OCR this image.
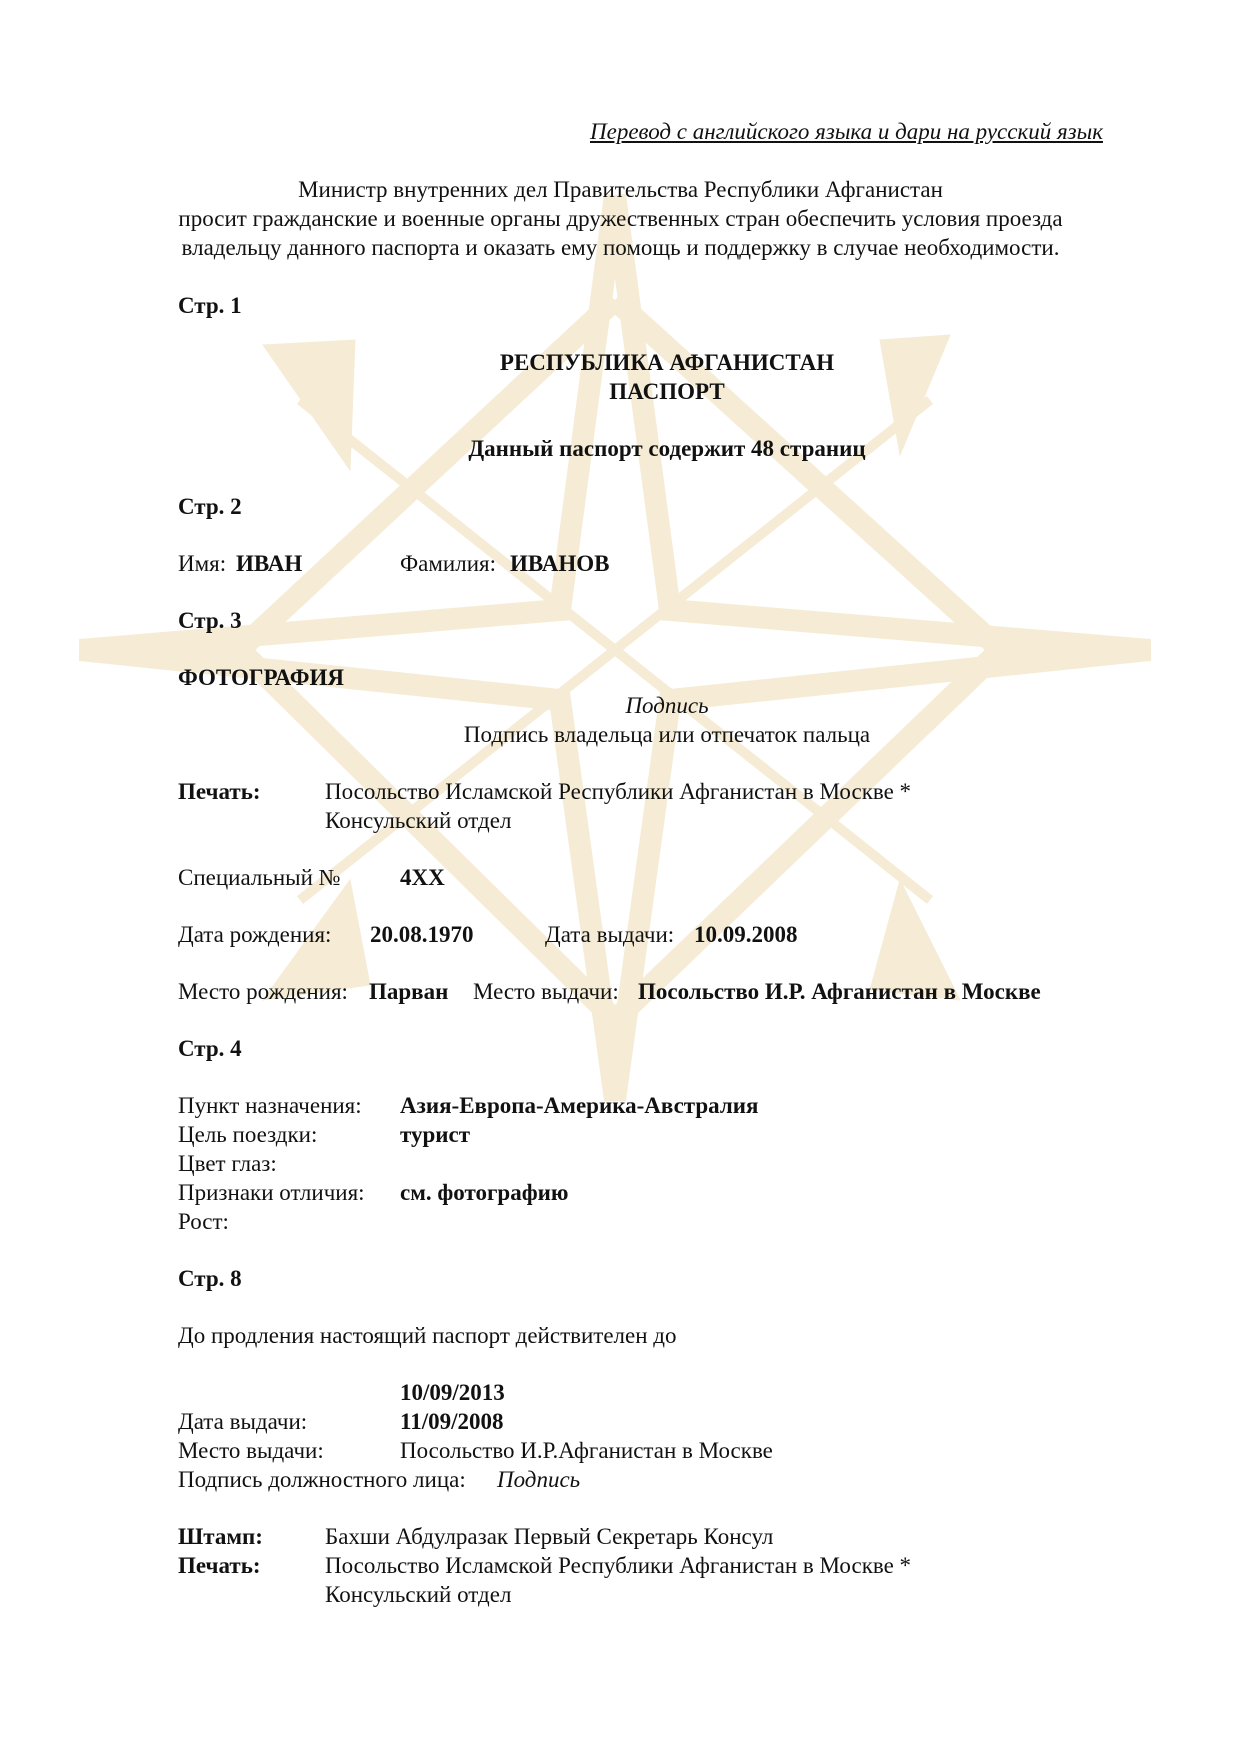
Перевод с английского языка и дари на русский язык
Министр внутренних дел Правительства Республики Афганистан
просит гражданские и военные органы дружественных стран обеспечить условия проезда
владельцу данного паспорта и оказать ему помощь и поддержку в случае необходимости.
Стр. 1
РЕСПУБЛИКА АФГАНИСТАН
ПАСПОРТ
Данный паспорт содержит 48 страниц
Стр. 2
Имя: ИВАН	Фамилия: ИВАНОВ
Стр. 3
ФОТОГРАФИЯ
Подпись
Подпись владельца или отпечаток пальца
Печать:	Посольство Исламской Республики Афганистан в Москве *
Консульский отдел
Специальный №	4XX
Дата рождения: 20.08.1970	Дата выдачи: 10.09.2008
Место рождения: Парван Место выдачи: Посольство И.Р. Афганистан в Москве
Стр. 4
Пункт назначения: Азия-Европа-Америка-Австралия
Цель поездки:	турист
Цвет глаз:
Признаки отличия: см. фотографию
Рост:
Стр. 8
До продления настоящий паспорт действителен до
10/09/2013
Дата выдачи:	11/09/2008
Место выдачи:	Посольство И.Р.Афганистан в Москве
Подпись должностного лица: Подпись
Штамп:	Бахши Абдулразак Первый Секретарь Консул
Печать:	Посольство Исламской Республики Афганистан в Москве *
Консульский отдел
